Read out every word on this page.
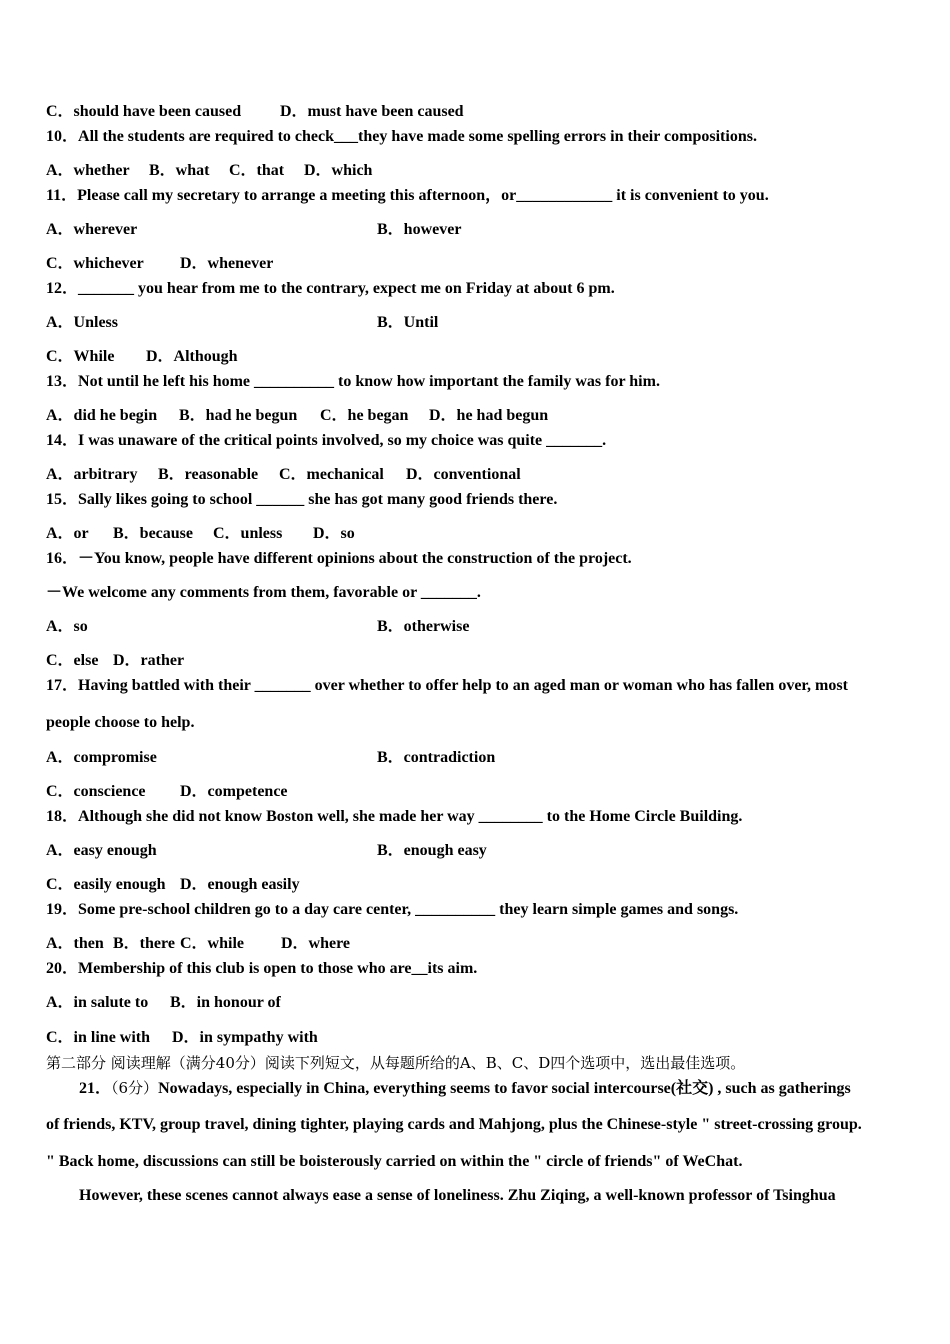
C．should have been caused D．must have been caused
10．All the students are required to check___they have made some spelling errors in their compositions.
A．whether B．what C．that D．which
11．Please call my secretary to arrange a meeting this afternoon，or____________ it is convenient to you.
A．wherever	B．however
C．whichever D．whenever
12．_______ you hear from me to the contrary, expect me on Friday at about 6 pm.
A．Unless	B．Until
C．While D．Although
13．Not until he left his home __________ to know how important the family was for him.
A．did he begin B．had he begun C．he began D．he had begun
14．I was unaware of the critical points involved, so my choice was quite _______.
A．arbitrary B．reasonable C．mechanical D．conventional
15．Sally likes going to school ______ she has got many good friends there.
A．or B．because C．unless D．so
16．－You know, people have different opinions about the construction of the project.
－We welcome any comments from them, favorable or _______.
A．so	B．otherwise
C．else D．rather
17．Having battled with their _______ over whether to offer help to an aged man or woman who has fallen over, most
people choose to help.
A．compromise	B．contradiction
C．conscience D．competence
18．Although she did not know Boston well, she made her way ________ to the Home Circle Building.
A．easy enough	B．enough easy
C．easily enough D．enough easily
19．Some pre-school children go to a day care center, __________ they learn simple games and songs.
A．then B．there C．while D．where
20．Membership of this club is open to those who are__its aim.
A．in salute to B．in honour of
C．in line with D．in sympathy with
第二部分 阅读理解（满分40分）阅读下列短文，从每题所给的A、B、C、D四个选项中，选出最佳选项。
21．（6分）Nowadays, especially in China, everything seems to favor social intercourse(社交) , such as gatherings
of friends, KTV, group travel, dining tighter, playing cards and Mahjong, plus the Chinese-style " street-crossing group.
" Back home, discussions can still be boisterously carried on within the " circle of friends" of WeChat.
However, these scenes cannot always ease a sense of loneliness. Zhu Ziqing, a well-known professor of Tsinghua
